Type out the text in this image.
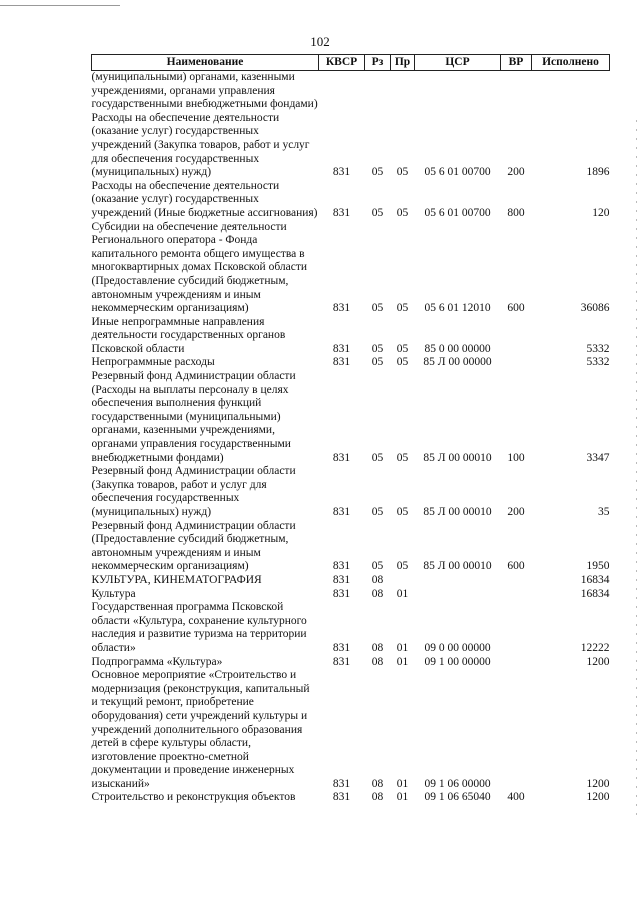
102
Наименование	КВСР	Рз	Пр	ЦСР	ВР	Исполнено
(муниципальными) органами, казенными учреждениями, органами управления государственными внебюджетными фондами)						
Расходы на обеспечение деятельности (оказание услуг) государственных учреждений (Закупка товаров, работ и услуг для обеспечения государственных (муниципальных) нужд)	831	05	05	05 6 01 00700	200	1896
Расходы на обеспечение деятельности (оказание услуг) государственных учреждений (Иные бюджетные ассигнования)	831	05	05	05 6 01 00700	800	120
Субсидии на обеспечение деятельности Регионального оператора - Фонда капитального ремонта общего имущества в многоквартирных домах Псковской области (Предоставление субсидий бюджетным, автономным учреждениям и иным некоммерческим организациям)	831	05	05	05 6 01 12010	600	36086
Иные непрограммные направления деятельности государственных органов Псковской области	831	05	05	85 0 00 00000		5332
Непрограммные расходы	831	05	05	85 Л 00 00000		5332
Резервный фонд Администрации области (Расходы на выплаты персоналу в целях обеспечения выполнения функций государственными (муниципальными) органами, казенными учреждениями, органами управления государственными внебюджетными фондами)	831	05	05	85 Л 00 00010	100	3347
Резервный фонд Администрации области (Закупка товаров, работ и услуг для обеспечения государственных (муниципальных) нужд)	831	05	05	85 Л 00 00010	200	35
Резервный фонд Администрации области (Предоставление субсидий бюджетным, автономным учреждениям и иным некоммерческим организациям)	831	05	05	85 Л 00 00010	600	1950
КУЛЬТУРА, КИНЕМАТОГРАФИЯ	831	08				16834
Культура	831	08	01			16834
Государственная программа Псковской области «Культура, сохранение культурного наследия и развитие туризма на территории области»	831	08	01	09 0 00 00000		12222
Подпрограмма «Культура»	831	08	01	09 1 00 00000		1200
Основное мероприятие «Строительство и модернизация (реконструкция, капитальный и текущий ремонт, приобретение оборудования) сети учреждений культуры и учреждений дополнительного образования детей в сфере культуры области, изготовление проектно-сметной документации и проведение инженерных изысканий»	831	08	01	09 1 06 00000		1200
Строительство и реконструкция объектов	831	08	01	09 1 06 65040	400	1200
